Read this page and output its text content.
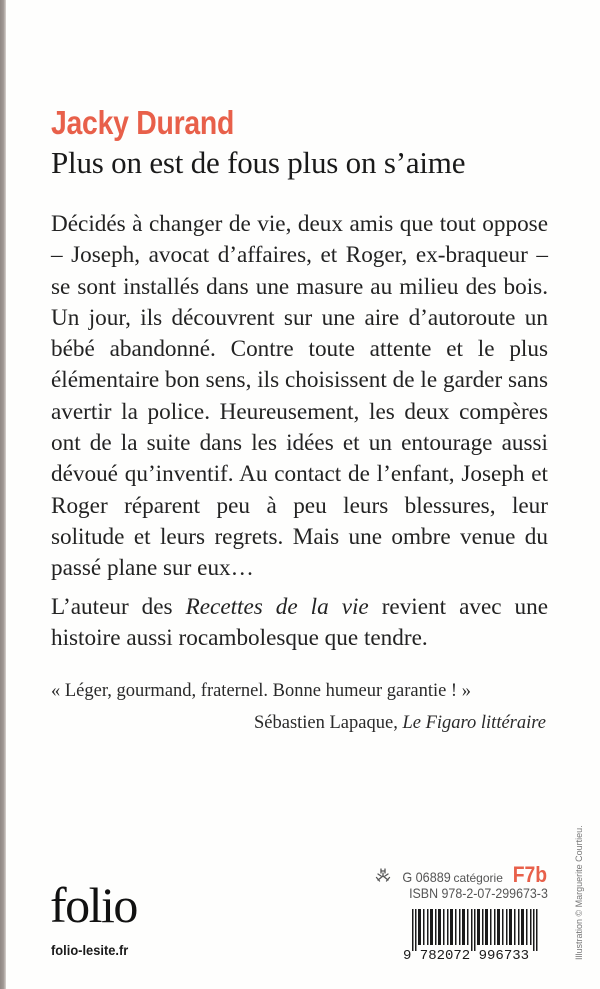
Jacky Durand
Plus on est de fous plus on s’aime
Décidés à changer de vie, deux amis que tout oppose – Joseph, avocat d’affaires, et Roger, ex-braqueur – se sont installés dans une masure au milieu des bois. Un jour, ils découvrent sur une aire d’autoroute un bébé abandonné. Contre toute attente et le plus élémentaire bon sens, ils choisissent de le garder sans avertir la police. Heureusement, les deux compères ont de la suite dans les idées et un entourage aussi dévoué qu’inventif. Au contact de l’enfant, Joseph et Roger réparent peu à peu leurs blessures, leur solitude et leurs regrets. Mais une ombre venue du passé plane sur eux…
L’auteur des Recettes de la vie revient avec une histoire aussi rocambolesque que tendre.
« Léger, gourmand, fraternel. Bonne humeur garantie ! »
Sébastien Lapaque, Le Figaro littéraire
G 06889 catégorie F7b
ISBN 978-2-07-299673-3
9 782072 996733
folio
folio-lesite.fr	Illustration © Marguerite Courtieu.
